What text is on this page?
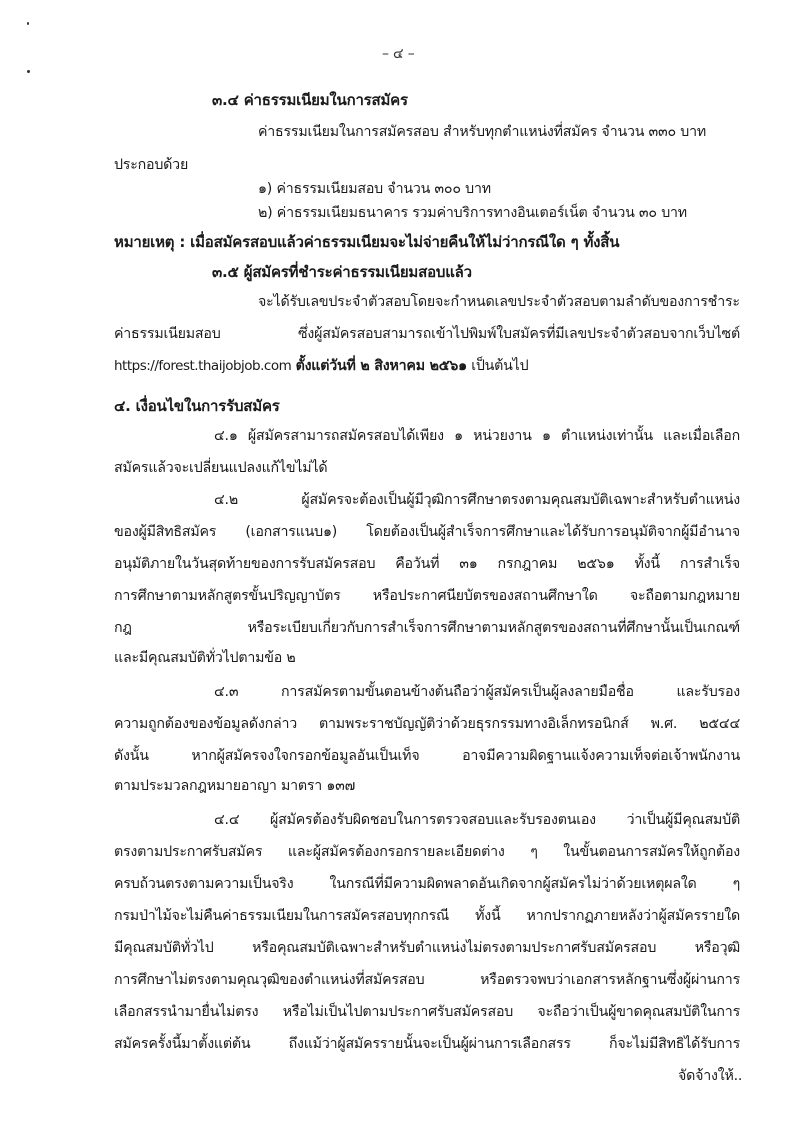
– ๔ –
๓.๔ ค่าธรรมเนียมในการสมัคร
ค่าธรรมเนียมในการสมัครสอบ สำหรับทุกตำแหน่งที่สมัคร จำนวน ๓๓๐ บาท
ประกอบด้วย
๑) ค่าธรรมเนียมสอบ จำนวน ๓๐๐ บาท
๒) ค่าธรรมเนียมธนาคาร รวมค่าบริการทางอินเตอร์เน็ต จำนวน ๓๐ บาท
หมายเหตุ : เมื่อสมัครสอบแล้วค่าธรรมเนียมจะไม่จ่ายคืนให้ไม่ว่ากรณีใด ๆ ทั้งสิ้น
๓.๕ ผู้สมัครที่ชำระค่าธรรมเนียมสอบแล้ว
จะได้รับเลขประจำตัวสอบโดยจะกำหนดเลขประจำตัวสอบตามลำดับของการชำระ
ค่าธรรมเนียมสอบ ซึ่งผู้สมัครสอบสามารถเข้าไปพิมพ์ใบสมัครที่มีเลขประจำตัวสอบจากเว็บไซต์
https://forest.thaijobjob.com ตั้งแต่วันที่ ๒ สิงหาคม ๒๕๖๑ เป็นต้นไป
๔. เงื่อนไขในการรับสมัคร
๔.๑ ผู้สมัครสามารถสมัครสอบได้เพียง ๑ หน่วยงาน ๑ ตำแหน่งเท่านั้น และเมื่อเลือก
สมัครแล้วจะเปลี่ยนแปลงแก้ไขไม่ได้
๔.๒ ผู้สมัครจะต้องเป็นผู้มีวุฒิการศึกษาตรงตามคุณสมบัติเฉพาะสำหรับตำแหน่ง
ของผู้มีสิทธิสมัคร (เอกสารแนบ๑) โดยต้องเป็นผู้สำเร็จการศึกษาและได้รับการอนุมัติจากผู้มีอำนาจ
อนุมัติภายในวันสุดท้ายของการรับสมัครสอบ คือวันที่ ๓๑ กรกฎาคม ๒๕๖๑ ทั้งนี้ การสำเร็จ
การศึกษาตามหลักสูตรขั้นปริญญาบัตร หรือประกาศนียบัตรของสถานศึกษาใด จะถือตามกฎหมาย
กฎ หรือระเบียบเกี่ยวกับการสำเร็จการศึกษาตามหลักสูตรของสถานที่ศึกษานั้นเป็นเกณฑ์
และมีคุณสมบัติทั่วไปตามข้อ ๒
๔.๓ การสมัครตามขั้นตอนข้างต้นถือว่าผู้สมัครเป็นผู้ลงลายมือชื่อ และรับรอง
ความถูกต้องของข้อมูลดังกล่าว ตามพระราชบัญญัติว่าด้วยธุรกรรมทางอิเล็กทรอนิกส์ พ.ศ. ๒๕๔๔
ดังนั้น หากผู้สมัครจงใจกรอกข้อมูลอันเป็นเท็จ อาจมีความผิดฐานแจ้งความเท็จต่อเจ้าพนักงาน
ตามประมวลกฎหมายอาญา มาตรา ๑๓๗
๔.๔ ผู้สมัครต้องรับผิดชอบในการตรวจสอบและรับรองตนเอง ว่าเป็นผู้มีคุณสมบัติ
ตรงตามประกาศรับสมัคร และผู้สมัครต้องกรอกรายละเอียดต่าง ๆ ในขั้นตอนการสมัครให้ถูกต้อง
ครบถ้วนตรงตามความเป็นจริง ในกรณีที่มีความผิดพลาดอันเกิดจากผู้สมัครไม่ว่าด้วยเหตุผลใด ๆ
กรมป่าไม้จะไม่คืนค่าธรรมเนียมในการสมัครสอบทุกกรณี ทั้งนี้ หากปรากฏภายหลังว่าผู้สมัครรายใด
มีคุณสมบัติทั่วไป หรือคุณสมบัติเฉพาะสำหรับตำแหน่งไม่ตรงตามประกาศรับสมัครสอบ หรือวุฒิ
การศึกษาไม่ตรงตามคุณวุฒิของตำแหน่งที่สมัครสอบ หรือตรวจพบว่าเอกสารหลักฐานซึ่งผู้ผ่านการ
เลือกสรรนำมายื่นไม่ตรง หรือไม่เป็นไปตามประกาศรับสมัครสอบ จะถือว่าเป็นผู้ขาดคุณสมบัติในการ
สมัครครั้งนี้มาตั้งแต่ต้น ถึงแม้ว่าผู้สมัครรายนั้นจะเป็นผู้ผ่านการเลือกสรร ก็จะไม่มีสิทธิได้รับการ
จัดจ้างให้..
